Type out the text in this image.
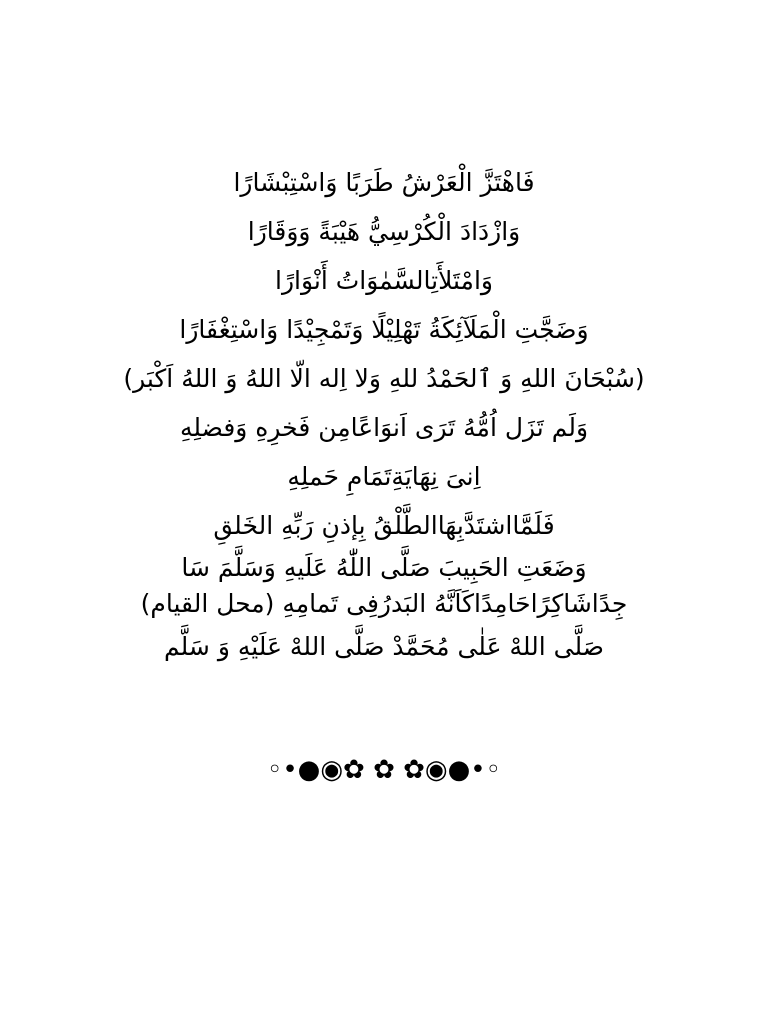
فَاهْتَزَّ الْعَرْشُ طَرَبًا وَاسْتِبْشَارًا
وَازْدَادَ الْكُرْسِيُّ هَيْبَةً وَوَقَارًا
وَامْتَلأَتِالسَّمٰوَاتُ أَنْوَارًا
وَضَجَّتِ الْمَلَآئِكَةُ تَهْلِيْلًا وَتَمْجِيْدًا وَاسْتِغْفَارًا
(سُبْحَانَ اللهِ وَ ٱلحَمْدُ للهِ وَلا اِله الّا اللهُ وَ اللهُ اَكْبَر)
وَلَم تَزَل اُمُّهُ تَرَى اَنوَاعًامِن فَخرِهِ وَفضلِهِ
اِنىَ نِهَايَةِتَمَامِ حَملِهِ
فَلَمَّااشتَدَّبِهَاالطَّلْقُ بِإذنِ رَبِّهِ الخَلقِ
وَضَعَتِ الحَبِيبَ صَلَّى اللّٰهُ عَلَيهِ وَسَلَّمَ سَا
جِدًاشَاكِرًاحَامِدًاكَاَنَّهُ البَدرُفِى تَمامِهِ (محل القيام)
صَلَّى اللهْ عَلٰى مُحَمَّدْ صَلَّى اللهْ عَلَيْهِ وَ سَلَّم
◦•●◉✿ ✿ ✿◉●•◦
